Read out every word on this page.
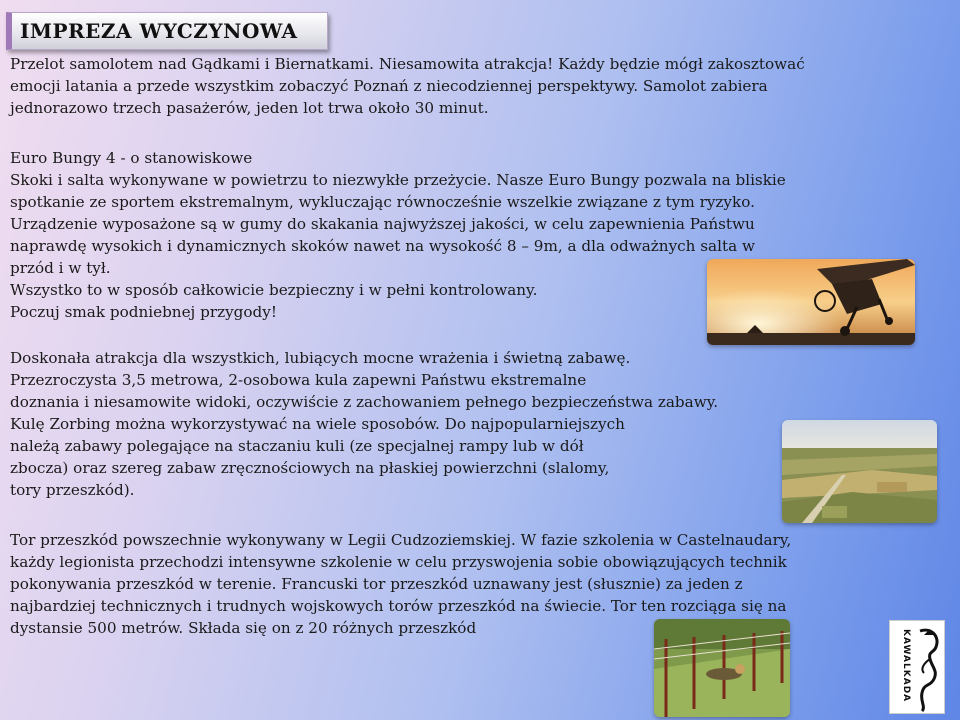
IMPREZA WYCZYNOWA

Przelot samolotem nad Gądkami i Biernatkami. Niesamowita atrakcja! Każdy będzie mógł zakosztować
emocji latania a przede wszystkim zobaczyć Poznań z niecodziennej perspektywy. Samolot zabiera
jednorazowo trzech pasażerów, jeden lot trwa około 30 minut.

Euro Bungy 4 - o stanowiskowe
Skoki i salta wykonywane w powietrzu to niezwykłe przeżycie. Nasze Euro Bungy pozwala na bliskie
spotkanie ze sportem ekstremalnym, wykluczając równocześnie wszelkie związane z tym ryzyko.
Urządzenie wyposażone są w gumy do skakania najwyższej jakości, w celu zapewnienia Państwu
naprawdę wysokich i dynamicznych skoków nawet na wysokość 8 – 9m, a dla odważnych salta w
przód i w tył.
Wszystko to w sposób całkowicie bezpieczny i w pełni kontrolowany.
Poczuj smak podniebnej przygody!

Doskonała atrakcja dla wszystkich, lubiących mocne wrażenia i świetną zabawę.
Przezroczysta 3,5 metrowa, 2-osobowa kula zapewni Państwu ekstremalne
doznania i niesamowite widoki, oczywiście z zachowaniem pełnego bezpieczeństwa zabawy.
Kulę Zorbing można wykorzystywać na wiele sposobów. Do najpopularniejszych
należą zabawy polegające na staczaniu kuli (ze specjalnej rampy lub w dół
zbocza) oraz szereg zabaw zręcznościowych na płaskiej powierzchni (slalomy,
tory przeszkód).

Tor przeszkód powszechnie wykonywany w Legii Cudzoziemskiej. W fazie szkolenia w Castelnaudary,
każdy legionista przechodzi intensywne szkolenie w celu przyswojenia sobie obowiązujących technik
pokonywania przeszkód w terenie. Francuski tor przeszkód uznawany jest (słusznie) za jeden z
najbardziej technicznych i trudnych wojskowych torów przeszkód na świecie. Tor ten rozciąga się na
dystansie 500 metrów. Składa się on z 20 różnych przeszkód

KAWALKADA
